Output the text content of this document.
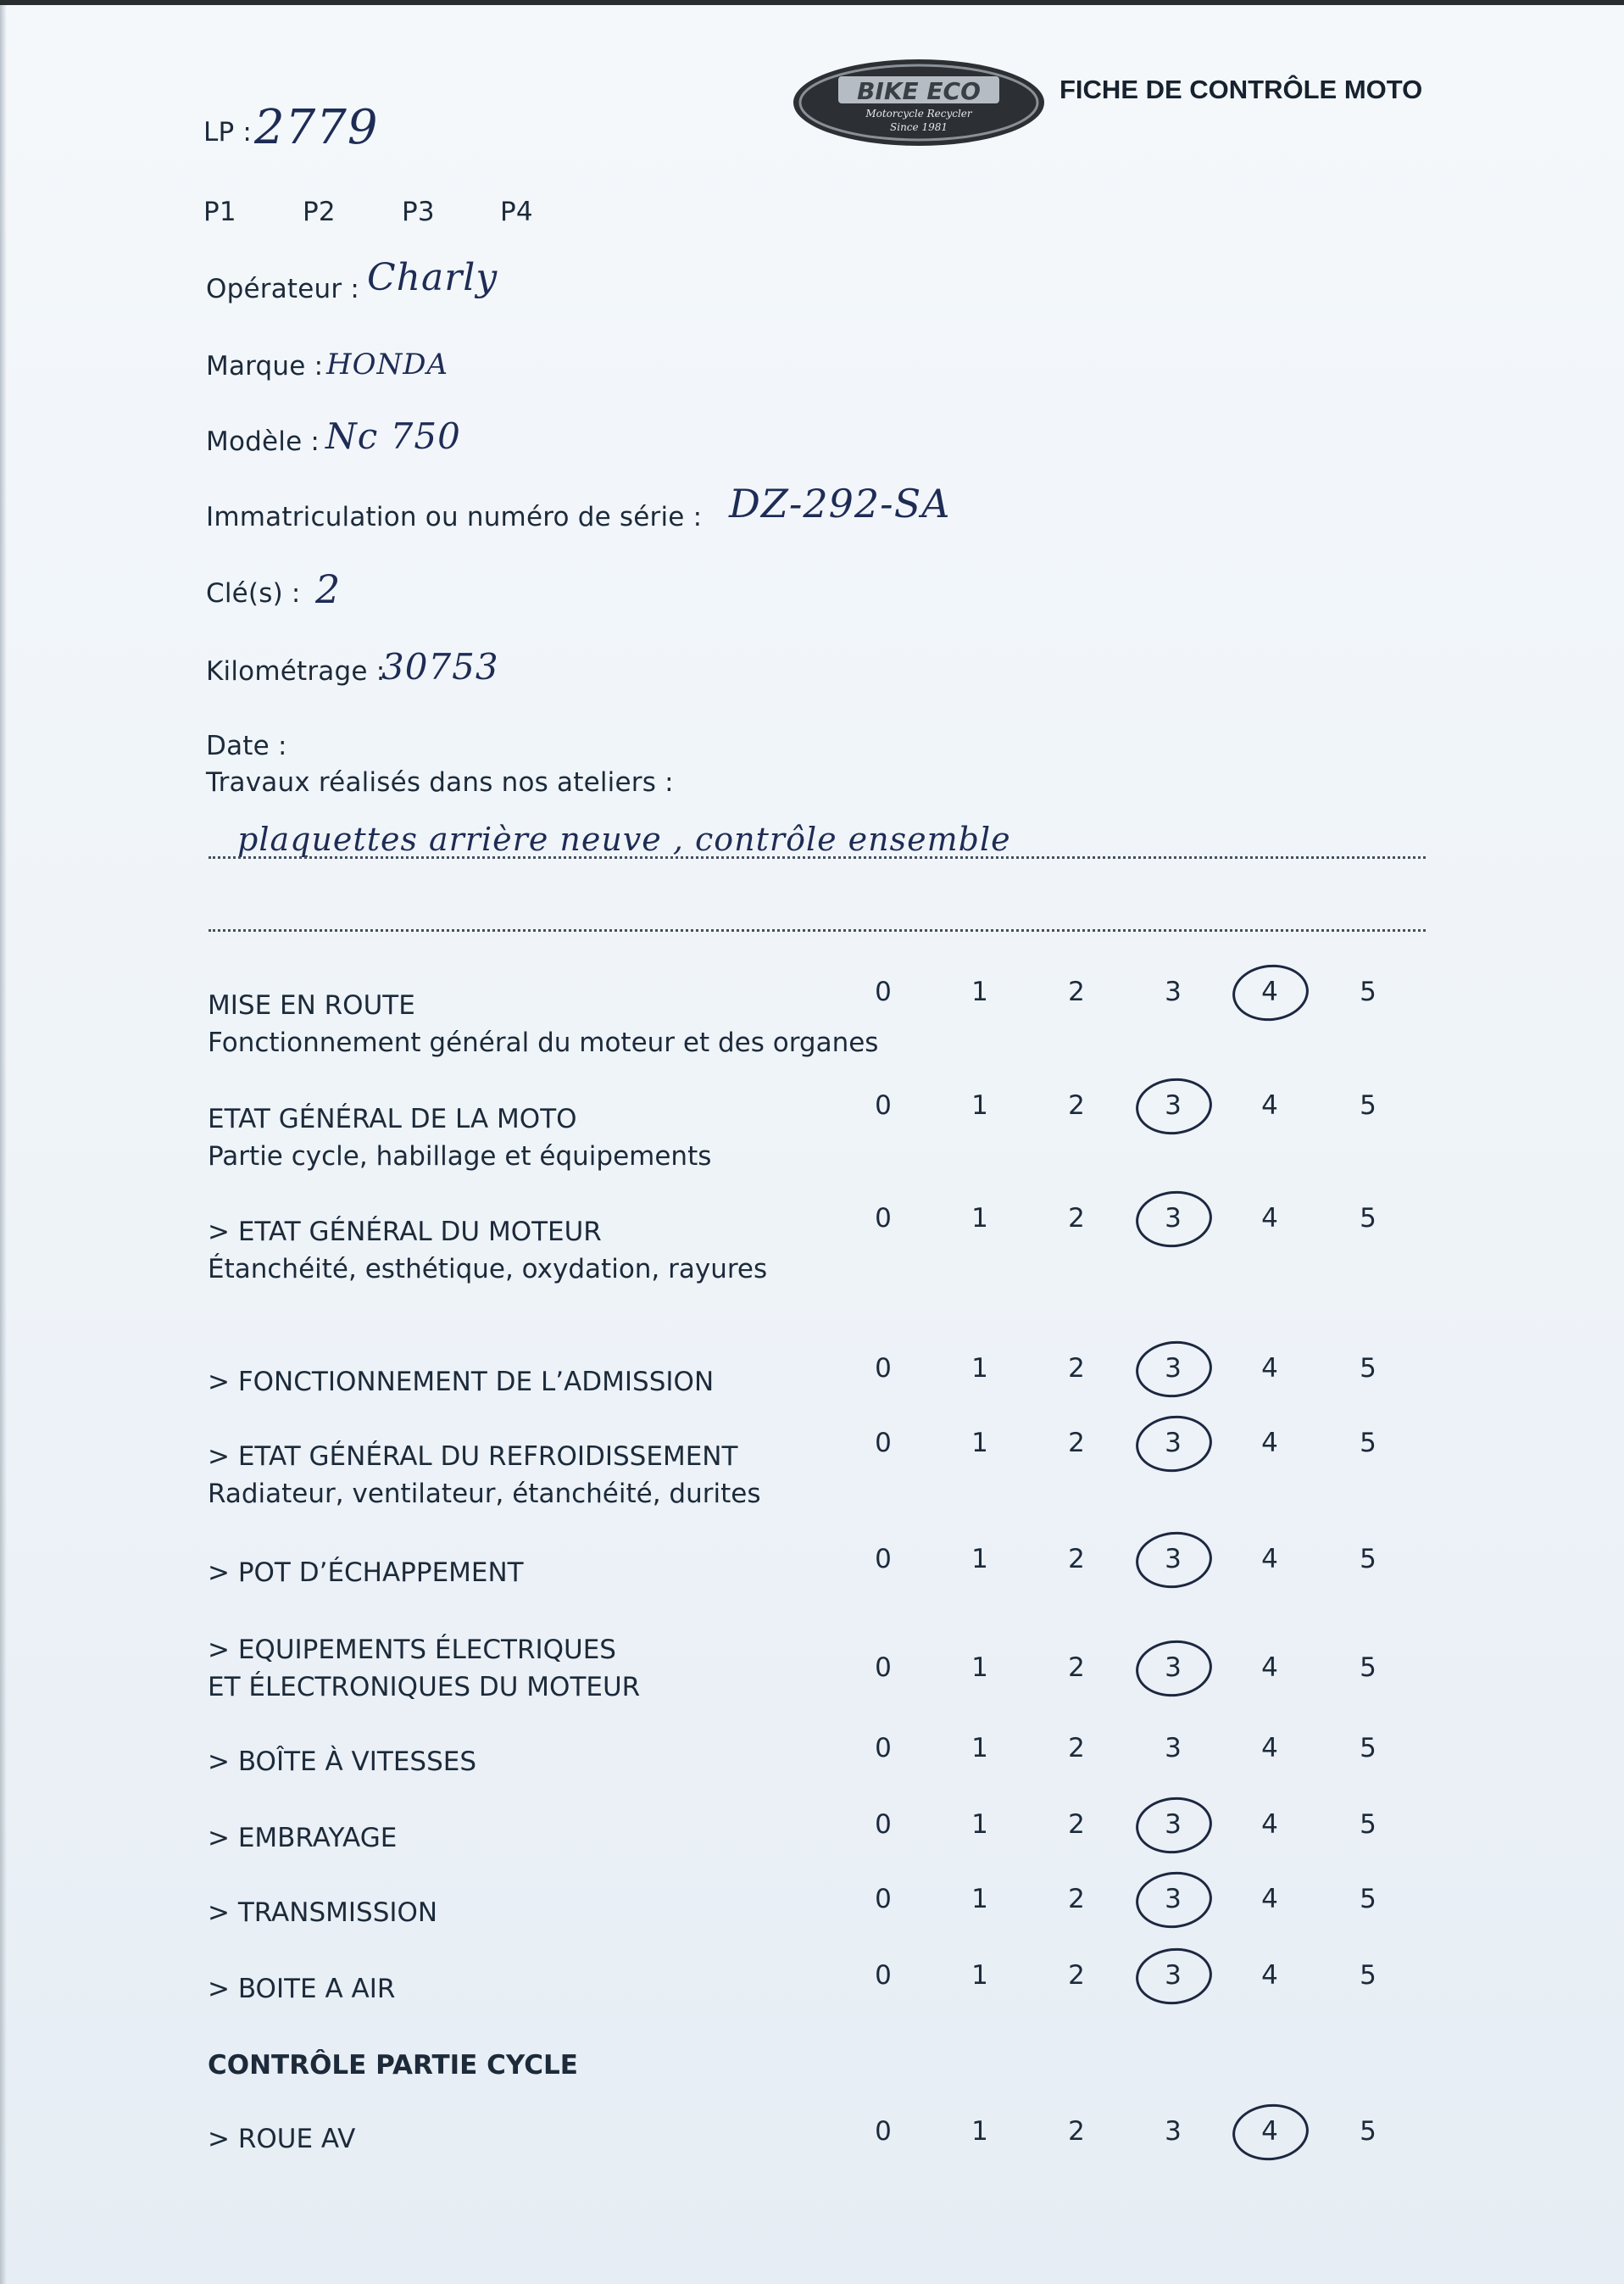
BIKE ECO
Motorcycle Recycler
Since 1981
FICHE DE CONTRÔLE MOTO
LP : 2779
P1	P2	P3 P4
Opérateur : Charly
Marque : HONDA
Modèle : Nc 750
Immatriculation ou numéro de série : DZ-292-SA
Clé(s) : 2
Kilométrage :
30753
Date :
Travaux réalisés dans nos ateliers :
plaquettes arrière neuve , contrôle ensemble
MISE EN ROUTE
Fonctionnement général du moteur et des organes
0	1	2	3	4	5
ETAT GÉNÉRAL DE LA MOTO
Partie cycle, habillage et équipements
0	1	2	3	4	5
> ETAT GÉNÉRAL DU MOTEUR
Étanchéité, esthétique, oxydation, rayures
0	1	2	3	4	5
> FONCTIONNEMENT DE L’ADMISSION	0	1	2	3	4	5
> ETAT GÉNÉRAL DU REFROIDISSEMENT
Radiateur, ventilateur, étanchéité, durites
0	1	2	3	4	5
> POT D’ÉCHAPPEMENT	0	1	2	3	4	5
> EQUIPEMENTS ÉLECTRIQUES
ET ÉLECTRONIQUES DU MOTEUR
0	1	2	3	4	5
> BOÎTE À VITESSES	0	1	2	3	4	5
> EMBRAYAGE	0	1	2	3	4	5
> TRANSMISSION	0	1	2	3	4	5
> BOITE A AIR	0	1	2	3	4	5
CONTRÔLE PARTIE CYCLE
> ROUE AV	0	1	2	3	4	5
